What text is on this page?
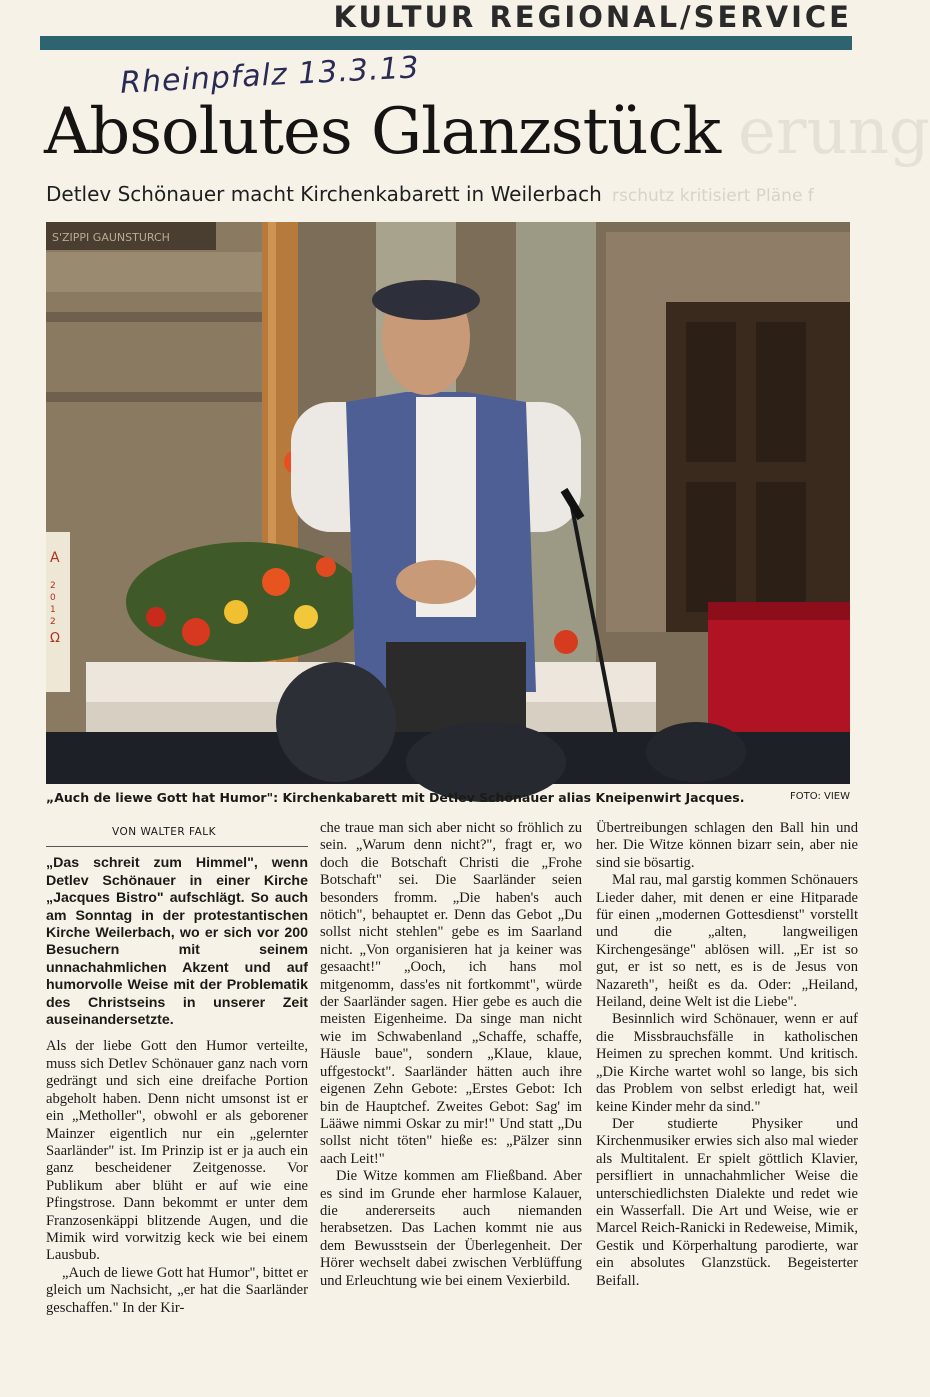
KULTUR REGIONAL/SERVICE
erung
rschutz kritisiert Pläne f
Rheinpfalz 13.3.13
Absolutes Glanzstück
Detlev Schönauer macht Kirchenkabarett in Weilerbach
S'ZIPPI GAUNSTURCH
A
2
0
1
2
Ω
„Auch de liewe Gott hat Humor": Kirchenkabarett mit Detlev Schönauer alias Kneipenwirt Jacques.	FOTO: VIEW
VON WALTER FALK

„Das schreit zum Himmel", wenn Detlev Schönauer in einer Kirche „Jacques Bistro" aufschlägt. So auch am Sonntag in der protestantischen Kirche Weilerbach, wo er sich vor 200 Besuchern mit seinem unnachahmlichen Akzent und auf humorvolle Weise mit der Problematik des Christseins in unserer Zeit auseinandersetzte.

Als der liebe Gott den Humor verteilte, muss sich Detlev Schönauer ganz nach vorn gedrängt und sich eine dreifache Portion abgeholt haben. Denn nicht umsonst ist er ein „Metholler", obwohl er als geborener Mainzer eigentlich nur ein „gelernter Saarländer" ist. Im Prinzip ist er ja auch ein ganz bescheidener Zeitgenosse. Vor Publikum aber blüht er auf wie eine Pfingstrose. Dann bekommt er unter dem Franzosenkäppi blitzende Augen, und die Mimik wird vorwitzig keck wie bei einem Lausbub.

„Auch de liewe Gott hat Humor", bittet er gleich um Nachsicht, „er hat die Saarländer geschaffen." In der Kir-

che traue man sich aber nicht so fröhlich zu sein. „Warum denn nicht?", fragt er, wo doch die Botschaft Christi die „Frohe Botschaft" sei. Die Saarländer seien besonders fromm. „Die haben's auch nötich", behauptet er. Denn das Gebot „Du sollst nicht stehlen" gebe es im Saarland nicht. „Von organisieren hat ja keiner was gesaacht!" „Ooch, ich hans mol mitgenomm, dass'es nit fortkommt", würde der Saarländer sagen. Hier gebe es auch die meisten Eigenheime. Da singe man nicht wie im Schwabenland „Schaffe, schaffe, Häusle baue", sondern „Klaue, klaue, uffgestockt". Saarländer hätten auch ihre eigenen Zehn Gebote: „Erstes Gebot: Ich bin de Hauptchef. Zweites Gebot: Sag' im Lääwe nimmi Oskar zu mir!" Und statt „Du sollst nicht töten" hieße es: „Pälzer sinn aach Leit!"

Die Witze kommen am Fließband. Aber es sind im Grunde eher harmlose Kalauer, die andererseits auch niemanden herabsetzen. Das Lachen kommt nie aus dem Bewusstsein der Überlegenheit. Der Hörer wechselt dabei zwischen Verblüffung und Erleuchtung wie bei einem Vexierbild.

Übertreibungen schlagen den Ball hin und her. Die Witze können bizarr sein, aber nie sind sie bösartig.

Mal rau, mal garstig kommen Schönauers Lieder daher, mit denen er eine Hitparade für einen „modernen Gottesdienst" vorstellt und die „alten, langweiligen Kirchengesänge" ablösen will. „Er ist so gut, er ist so nett, es is de Jesus von Nazareth", heißt es da. Oder: „Heiland, Heiland, deine Welt ist die Liebe".

Besinnlich wird Schönauer, wenn er auf die Missbrauchsfälle in katholischen Heimen zu sprechen kommt. Und kritisch. „Die Kirche wartet wohl so lange, bis sich das Problem von selbst erledigt hat, weil keine Kinder mehr da sind."

Der studierte Physiker und Kirchenmusiker erwies sich also mal wieder als Multitalent. Er spielt göttlich Klavier, persifliert in unnachahmlicher Weise die unterschiedlichsten Dialekte und redet wie ein Wasserfall. Die Art und Weise, wie er Marcel Reich-Ranicki in Redeweise, Mimik, Gestik und Körperhaltung parodierte, war ein absolutes Glanzstück. Begeisterter Beifall.
